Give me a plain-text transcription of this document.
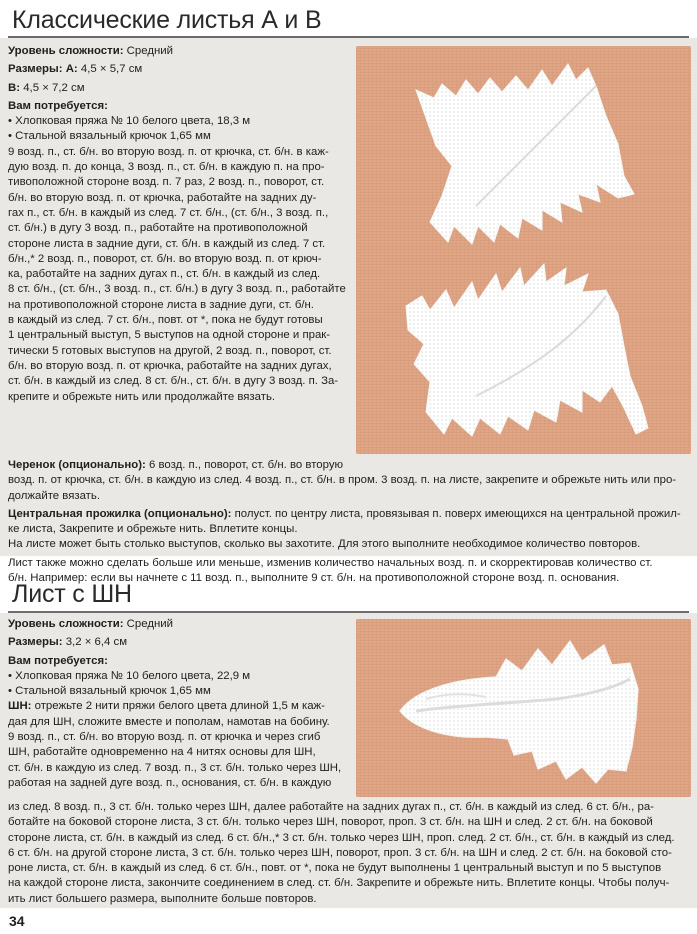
Классические листья А и В

Уровень сложности: Средний

Размеры: А: 4,5 × 5,7 см

В: 4,5 × 7,2 см

Вам потребуется:

• Хлопковая пряжа № 10 белого цвета, 18,3 м

• Стальной вязальный крючок 1,65 мм

9 возд. п., ст. б/н. во вторую возд. п. от крючка, ст. б/н. в каж-

дую возд. п. до конца, 3 возд. п., ст. б/н. в каждую п. на про-

тивоположной стороне возд. п. 7 раз, 2 возд. п., поворот, ст.

б/н. во вторую возд. п. от крючка, работайте на задних ду-

гах п., ст. б/н. в каждый из след. 7 ст. б/н., (ст. б/н., 3 возд. п.,

ст. б/н.) в дугу 3 возд. п., работайте на противоположной

стороне листа в задние дуги, ст. б/н. в каждый из след. 7 ст.

б/н.,* 2 возд. п., поворот, ст. б/н. во вторую возд. п. от крюч-

ка, работайте на задних дугах п., ст. б/н. в каждый из след.

8 ст. б/н., (ст. б/н., 3 возд. п., ст. б/н.) в дугу 3 возд. п., работайте

на противоположной стороне листа в задние дуги, ст. б/н.

в каждый из след. 7 ст. б/н., повт. от *, пока не будут готовы

1 центральный выступ, 5 выступов на одной стороне и прак-

тически 5 готовых выступов на другой, 2 возд. п., поворот, ст.

б/н. во вторую возд. п. от крючка, работайте на задних дугах,

ст. б/н. в каждый из след. 8 ст. б/н., ст. б/н. в дугу 3 возд. п. За-

крепите и обрежьте нить или продолжайте вязать.

Черенок (опционально): 6 возд. п., поворот, ст. б/н. во вторую

возд. п. от крючка, ст. б/н. в каждую из след. 4 возд. п., ст. б/н. в пром. 3 возд. п. на листе, закрепите и обрежьте нить или про-

должайте вязать.

Центральная прожилка (опционально): полуст. по центру листа, провязывая п. поверх имеющихся на центральной прожил-

ке листа, Закрепите и обрежьте нить. Вплетите концы.

На листе может быть столько выступов, сколько вы захотите. Для этого выполните необходимое количество повторов.

Лист также можно сделать больше или меньше, изменив количество начальных возд. п. и скорректировав количество ст.

б/н. Например: если вы начнете с 11 возд. п., выполните 9 ст. б/н. на противоположной стороне возд. п. основания.

Лист с ШН

Уровень сложности: Средний

Размеры: 3,2 × 6,4 см

Вам потребуется:

• Хлопковая пряжа № 10 белого цвета, 22,9 м

• Стальной вязальный крючок 1,65 мм

ШН: отрежьте 2 нити пряжи белого цвета длиной 1,5 м каж-

дая для ШН, сложите вместе и пополам, намотав на бобину.

9 возд. п., ст. б/н. во вторую возд. п. от крючка и через сгиб

ШН, работайте одновременно на 4 нитях основы для ШН,

ст. б/н. в каждую из след. 7 возд. п., 3 ст. б/н. только через ШН,

работая на задней дуге возд. п., основания, ст. б/н. в каждую

из след. 8 возд. п., 3 ст. б/н. только через ШН, далее работайте на задних дугах п., ст. б/н. в каждый из след. 6 ст. б/н., ра-

ботайте на боковой стороне листа, 3 ст. б/н. только через ШН, поворот, проп. 3 ст. б/н. на ШН и след. 2 ст. б/н. на боковой

стороне листа, ст. б/н. в каждый из след. 6 ст. б/н.,* 3 ст. б/н. только через ШН, проп. след. 2 ст. б/н., ст. б/н. в каждый из след.

6 ст. б/н. на другой стороне листа, 3 ст. б/н. только через ШН, поворот, проп. 3 ст. б/н. на ШН и след. 2 ст. б/н. на боковой сто-

роне листа, ст. б/н. в каждый из след. 6 ст. б/н., повт. от *, пока не будут выполнены 1 центральный выступ и по 5 выступов

на каждой стороне листа, закончите соединением в след. ст. б/н. Закрепите и обрежьте нить. Вплетите концы. Чтобы получ-

ить лист большего размера, выполните больше повторов.

34
